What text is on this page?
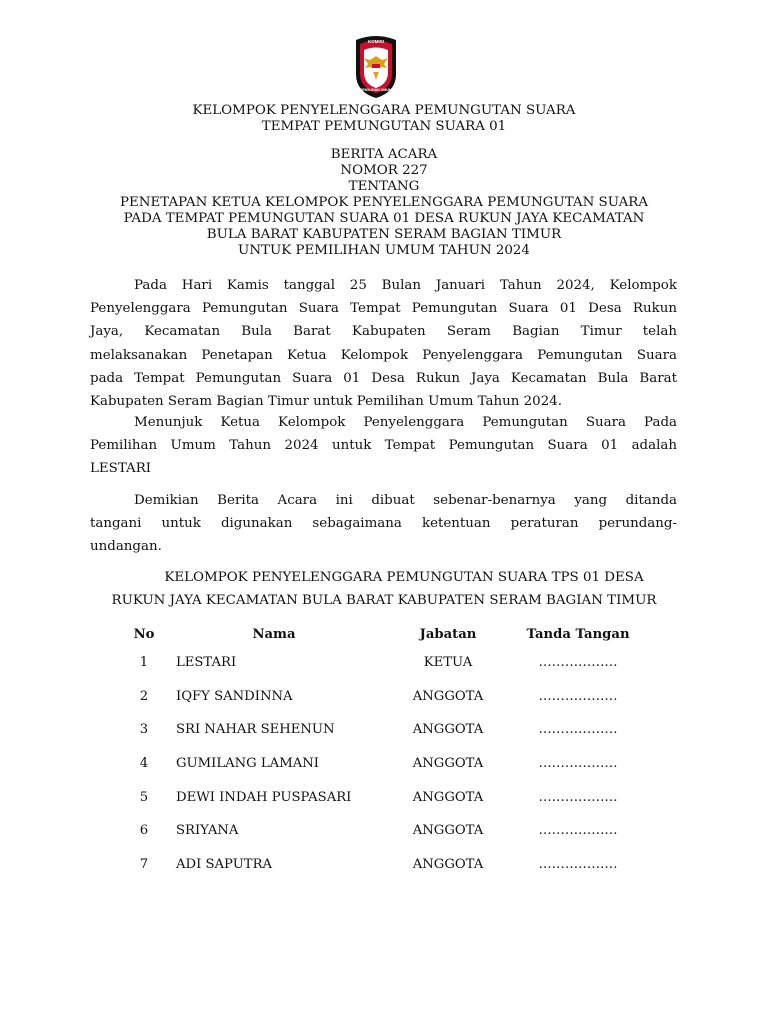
KOMISI
PEMILIHAN UMUM
KELOMPOK PENYELENGGARA PEMUNGUTAN SUARA
TEMPAT PEMUNGUTAN SUARA 01
BERITA ACARA
NOMOR 227
TENTANG
PENETAPAN KETUA KELOMPOK PENYELENGGARA PEMUNGUTAN SUARA
PADA TEMPAT PEMUNGUTAN SUARA 01 DESA RUKUN JAYA KECAMATAN
BULA BARAT KABUPATEN SERAM BAGIAN TIMUR
UNTUK PEMILIHAN UMUM TAHUN 2024
Pada Hari Kamis tanggal 25 Bulan Januari Tahun 2024, Kelompok
Penyelenggara Pemungutan Suara Tempat Pemungutan Suara 01 Desa Rukun
Jaya, Kecamatan Bula Barat Kabupaten Seram Bagian Timur telah
melaksanakan Penetapan Ketua Kelompok Penyelenggara Pemungutan Suara
pada Tempat Pemungutan Suara 01 Desa Rukun Jaya Kecamatan Bula Barat
Kabupaten Seram Bagian Timur untuk Pemilihan Umum Tahun 2024.
Menunjuk Ketua Kelompok Penyelenggara Pemungutan Suara Pada
Pemilihan Umum Tahun 2024 untuk Tempat Pemungutan Suara 01 adalah
LESTARI
Demikian Berita Acara ini dibuat sebenar-benarnya yang ditanda
tangani untuk digunakan sebagaimana ketentuan peraturan perundang-
undangan.
KELOMPOK PENYELENGGARA PEMUNGUTAN SUARA TPS 01 DESA
RUKUN JAYA KECAMATAN BULA BARAT KABUPATEN SERAM BAGIAN TIMUR
No	Nama	Jabatan	Tanda Tangan
1	LESTARI	KETUA	………………
2	IQFY SANDINNA	ANGGOTA	………………
3	SRI NAHAR SEHENUN	ANGGOTA	………………
4	GUMILANG LAMANI	ANGGOTA	………………
5	DEWI INDAH PUSPASARI	ANGGOTA	………………
6	SRIYANA	ANGGOTA	………………
7	ADI SAPUTRA	ANGGOTA	………………
